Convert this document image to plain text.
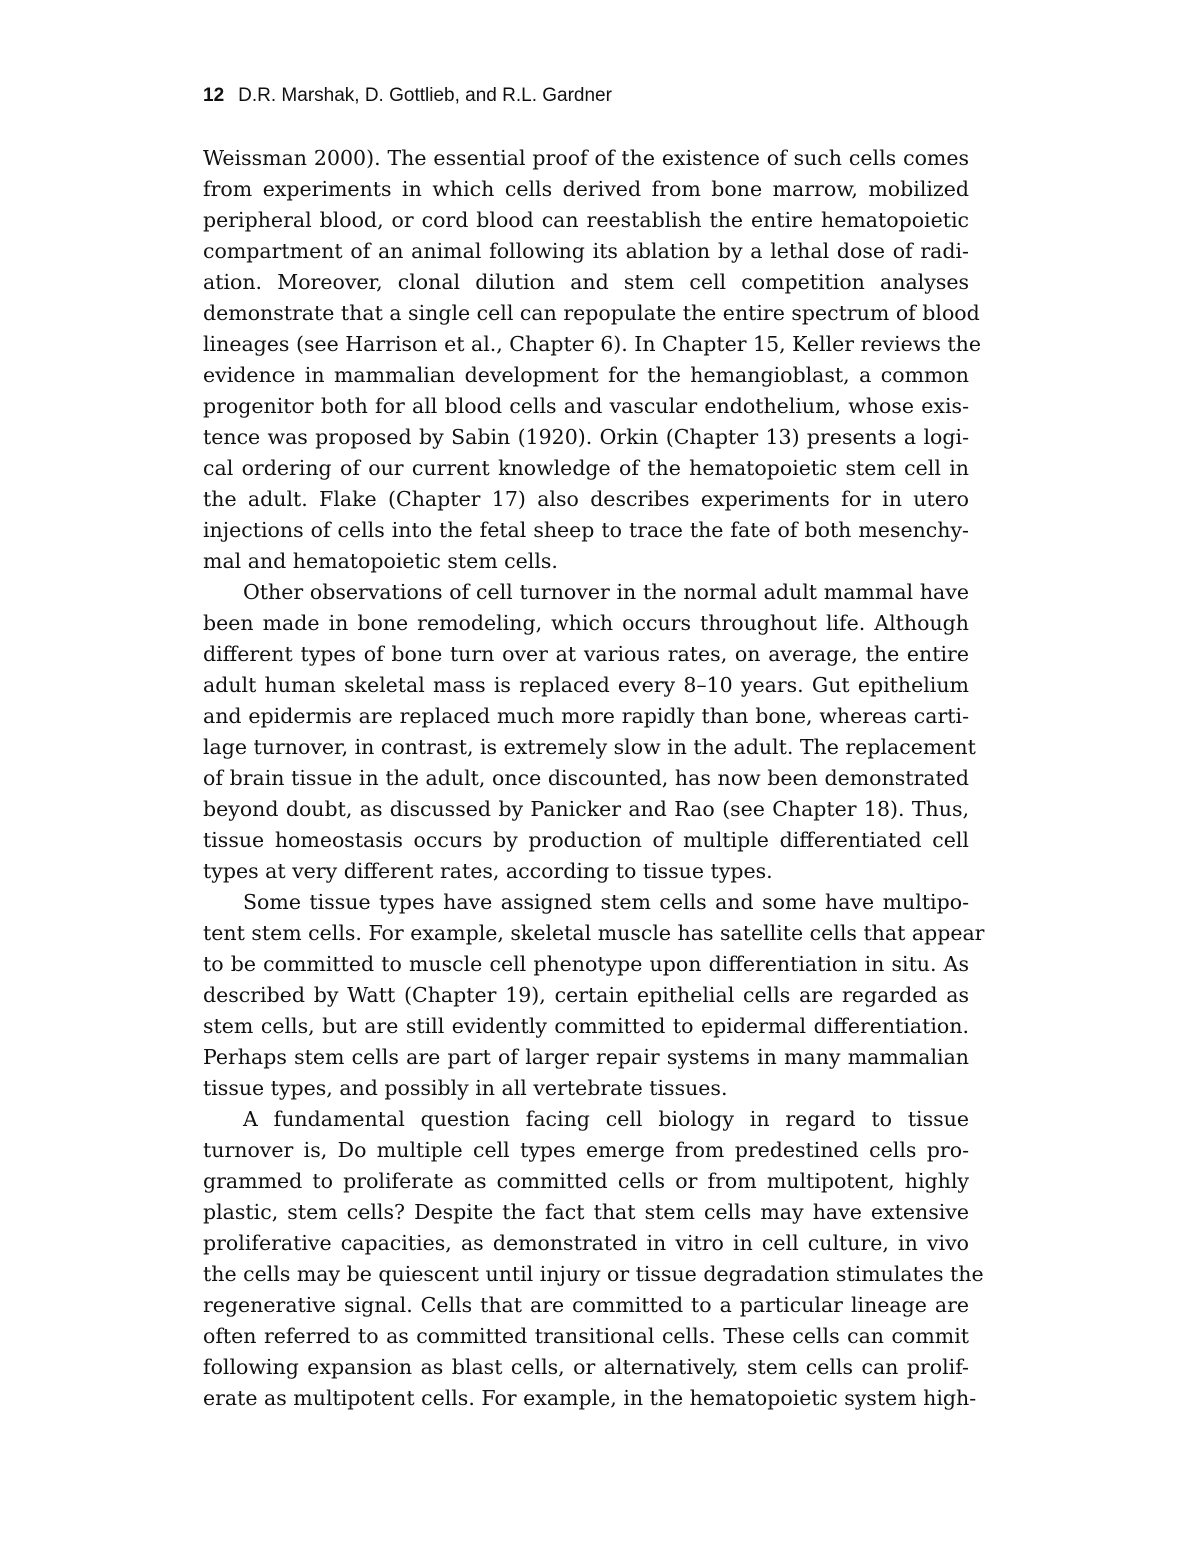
12 D.R. Marshak, D. Gottlieb, and R.L. Gardner
Weissman 2000). The essential proof of the existence of such cells comes
from experiments in which cells derived from bone marrow, mobilized
peripheral blood, or cord blood can reestablish the entire hematopoietic
compartment of an animal following its ablation by a lethal dose of radi-
ation. Moreover, clonal dilution and stem cell competition analyses
demonstrate that a single cell can repopulate the entire spectrum of blood
lineages (see Harrison et al., Chapter 6). In Chapter 15, Keller reviews the
evidence in mammalian development for the hemangioblast, a common
progenitor both for all blood cells and vascular endothelium, whose exis-
tence was proposed by Sabin (1920). Orkin (Chapter 13) presents a logi-
cal ordering of our current knowledge of the hematopoietic stem cell in
the adult. Flake (Chapter 17) also describes experiments for in utero
injections of cells into the fetal sheep to trace the fate of both mesenchy-
mal and hematopoietic stem cells.
Other observations of cell turnover in the normal adult mammal have
been made in bone remodeling, which occurs throughout life. Although
different types of bone turn over at various rates, on average, the entire
adult human skeletal mass is replaced every 8–10 years. Gut epithelium
and epidermis are replaced much more rapidly than bone, whereas carti-
lage turnover, in contrast, is extremely slow in the adult. The replacement
of brain tissue in the adult, once discounted, has now been demonstrated
beyond doubt, as discussed by Panicker and Rao (see Chapter 18). Thus,
tissue homeostasis occurs by production of multiple differentiated cell
types at very different rates, according to tissue types.
Some tissue types have assigned stem cells and some have multipo-
tent stem cells. For example, skeletal muscle has satellite cells that appear
to be committed to muscle cell phenotype upon differentiation in situ. As
described by Watt (Chapter 19), certain epithelial cells are regarded as
stem cells, but are still evidently committed to epidermal differentiation.
Perhaps stem cells are part of larger repair systems in many mammalian
tissue types, and possibly in all vertebrate tissues.
A fundamental question facing cell biology in regard to tissue
turnover is, Do multiple cell types emerge from predestined cells pro-
grammed to proliferate as committed cells or from multipotent, highly
plastic, stem cells? Despite the fact that stem cells may have extensive
proliferative capacities, as demonstrated in vitro in cell culture, in vivo
the cells may be quiescent until injury or tissue degradation stimulates the
regenerative signal. Cells that are committed to a particular lineage are
often referred to as committed transitional cells. These cells can commit
following expansion as blast cells, or alternatively, stem cells can prolif-
erate as multipotent cells. For example, in the hematopoietic system high-
